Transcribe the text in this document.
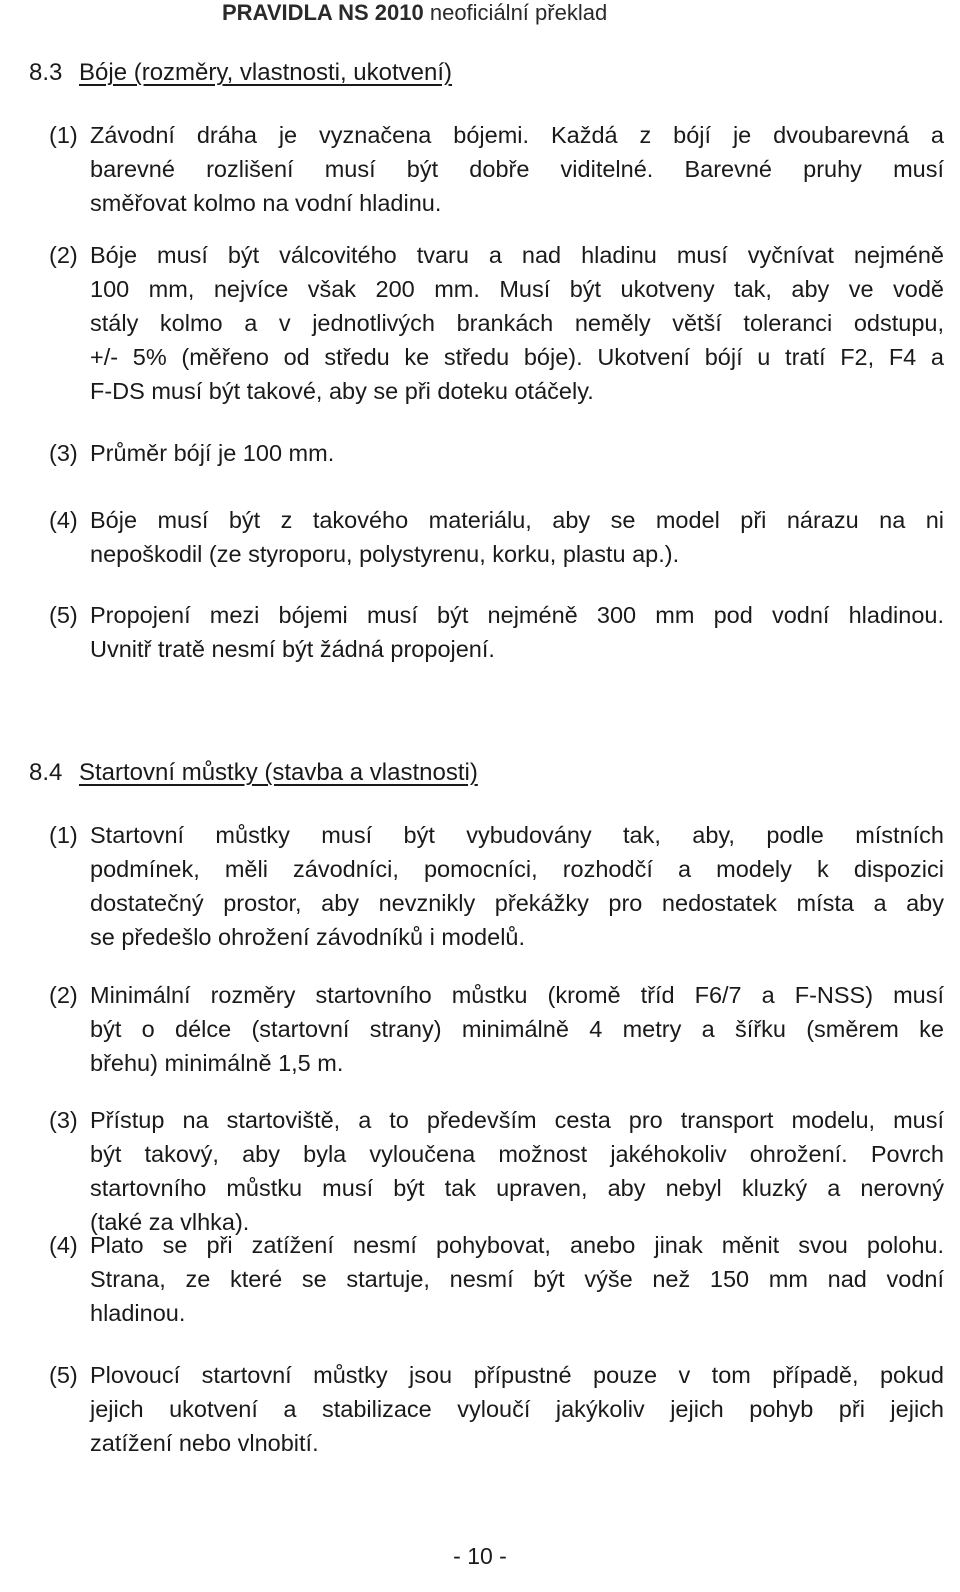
PRAVIDLA NS 2010 neoficiální překlad
8.3 Bóje (rozměry, vlastnosti, ukotvení)
(1) Závodní dráha je vyznačena bójemi. Každá z bójí je dvoubarevná a
barevné rozlišení musí být dobře viditelné. Barevné pruhy musí
směřovat kolmo na vodní hladinu.
(2) Bóje musí být válcovitého tvaru a nad hladinu musí vyčnívat nejméně
100 mm, nejvíce však 200 mm. Musí být ukotveny tak, aby ve vodě
stály kolmo a v jednotlivých brankách neměly větší toleranci odstupu,
+/- 5% (měřeno od středu ke středu bóje). Ukotvení bójí u tratí F2, F4 a
F-DS musí být takové, aby se při doteku otáčely.
(3) Průměr bójí je 100 mm.
(4) Bóje musí být z takového materiálu, aby se model při nárazu na ni
nepoškodil (ze styroporu, polystyrenu, korku, plastu ap.).
(5) Propojení mezi bójemi musí být nejméně 300 mm pod vodní hladinou.
Uvnitř tratě nesmí být žádná propojení.
8.4 Startovní můstky (stavba a vlastnosti)
(1) Startovní můstky musí být vybudovány tak, aby, podle místních
podmínek, měli závodníci, pomocníci, rozhodčí a modely k dispozici
dostatečný prostor, aby nevznikly překážky pro nedostatek místa a aby
se předešlo ohrožení závodníků i modelů.
(2) Minimální rozměry startovního můstku (kromě tříd F6/7 a F-NSS) musí
být o délce (startovní strany) minimálně 4 metry a šířku (směrem ke
břehu) minimálně 1,5 m.
(3) Přístup na startoviště, a to především cesta pro transport modelu, musí
být takový, aby byla vyloučena možnost jakéhokoliv ohrožení. Povrch
startovního můstku musí být tak upraven, aby nebyl kluzký a nerovný
(také za vlhka).
(4) Plato se při zatížení nesmí pohybovat, anebo jinak měnit svou polohu.
Strana, ze které se startuje, nesmí být výše než 150 mm nad vodní
hladinou.
(5) Plovoucí startovní můstky jsou přípustné pouze v tom případě, pokud
jejich ukotvení a stabilizace vyloučí jakýkoliv jejich pohyb při jejich
zatížení nebo vlnobití.
- 10 -
